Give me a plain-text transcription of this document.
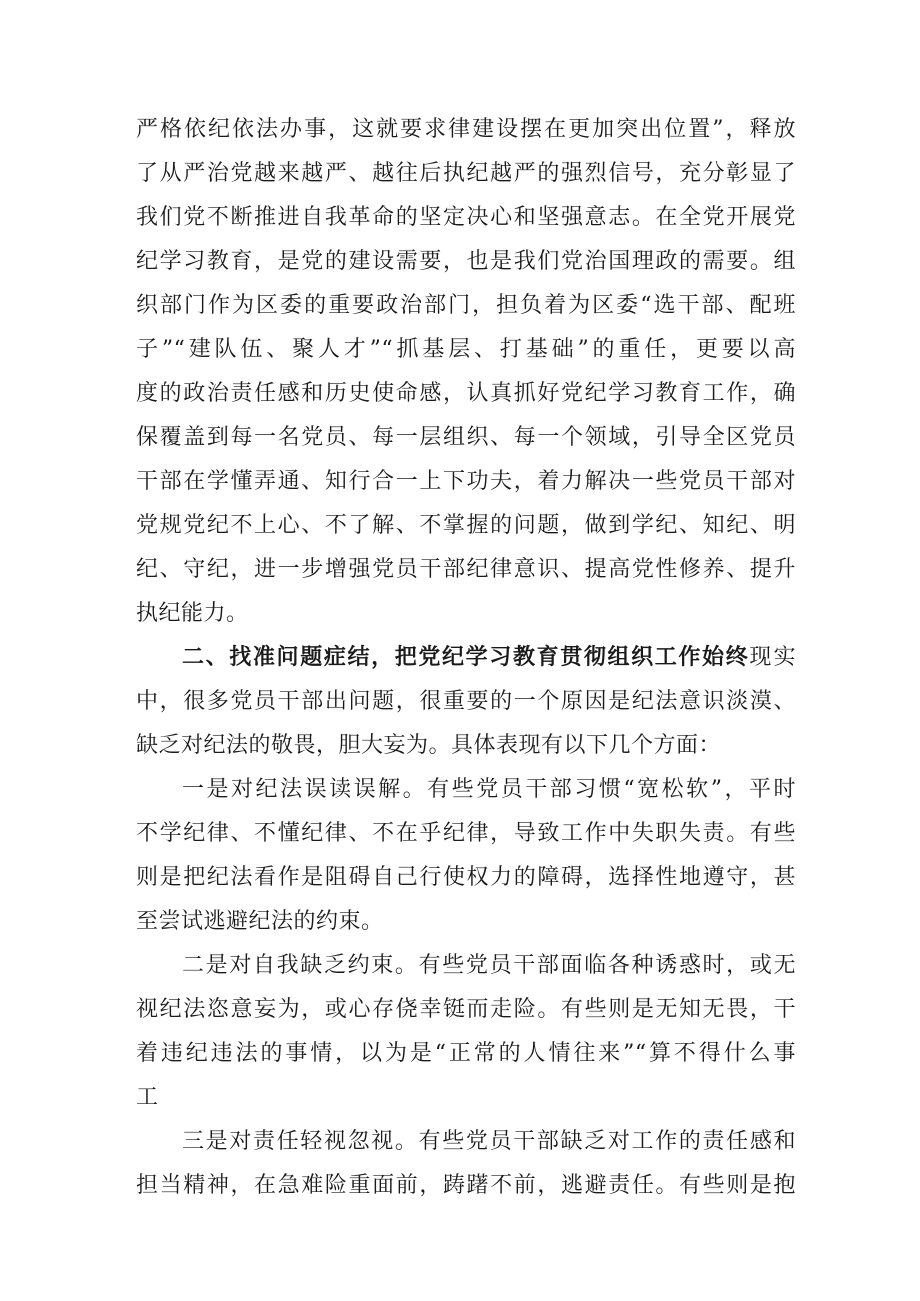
严格依纪依法办事，这就要求律建设摆在更加突出位置”，释放
了从严治党越来越严、越往后执纪越严的强烈信号，充分彰显了
我们党不断推进自我革命的坚定决心和坚强意志。在全党开展党
纪学习教育，是党的建设需要，也是我们党治国理政的需要。组
织部门作为区委的重要政治部门，担负着为区委“选干部、配班
子”“建队伍、聚人才”“抓基层、打基础”的重任，更要以高
度的政治责任感和历史使命感，认真抓好党纪学习教育工作，确
保覆盖到每一名党员、每一层组织、每一个领域，引导全区党员
干部在学懂弄通、知行合一上下功夫，着力解决一些党员干部对
党规党纪不上心、不了解、不掌握的问题，做到学纪、知纪、明
纪、守纪，进一步增强党员干部纪律意识、提高党性修养、提升
执纪能力。
二、找准问题症结，把党纪学习教育贯彻组织工作始终现实
中，很多党员干部出问题，很重要的一个原因是纪法意识淡漠、
缺乏对纪法的敬畏，胆大妄为。具体表现有以下几个方面：
一是对纪法误读误解。有些党员干部习惯“宽松软”，平时
不学纪律、不懂纪律、不在乎纪律，导致工作中失职失责。有些
则是把纪法看作是阻碍自己行使权力的障碍，选择性地遵守，甚
至尝试逃避纪法的约束。
二是对自我缺乏约束。有些党员干部面临各种诱惑时，或无
视纪法恣意妄为，或心存侥幸铤而走险。有些则是无知无畏，干
着违纪违法的事情，以为是“正常的人情往来”“算不得什么事
工
三是对责任轻视忽视。有些党员干部缺乏对工作的责任感和
担当精神，在急难险重面前，踌躇不前，逃避责任。有些则是抱
